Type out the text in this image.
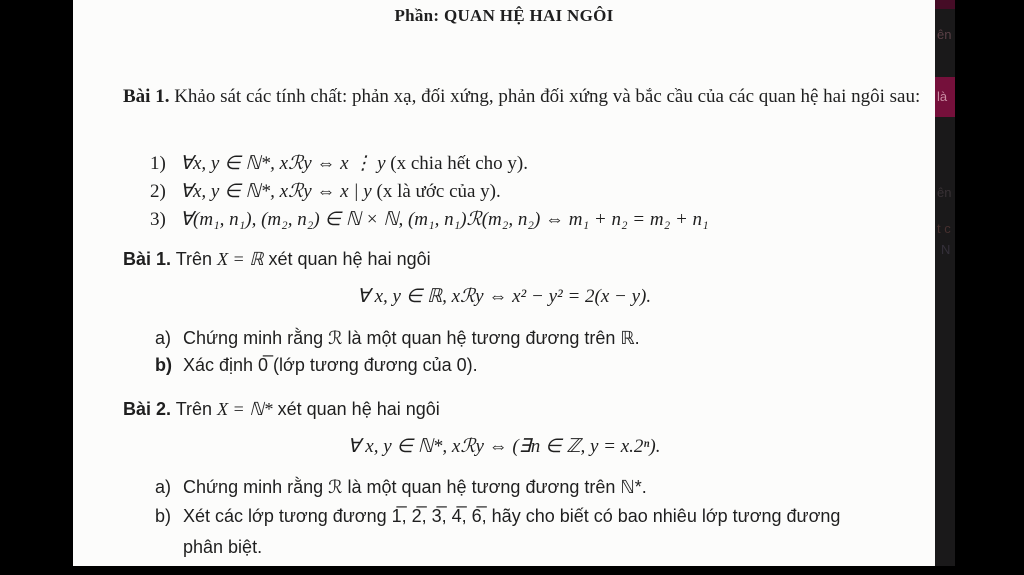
Phần: QUAN HỆ HAI NGÔI
Bài 1. Khảo sát các tính chất: phản xạ, đối xứng, phản đối xứng và bắc cầu của các quan hệ hai ngôi sau:
1) ∀x, y ∈ ℕ*, xℛy ⇔ x ⋮ y (x chia hết cho y).
2) ∀x, y ∈ ℕ*, xℛy ⇔ x | y (x là ước của y).
3) ∀(m₁, n₁), (m₂, n₂) ∈ ℕ × ℕ, (m₁, n₁)ℛ(m₂, n₂) ⇔ m₁ + n₂ = m₂ + n₁
Bài 1. Trên X = ℝ xét quan hệ hai ngôi
∀ x, y ∈ ℝ, xℛy ⇔ x² − y² = 2(x − y).
a) Chứng minh rằng ℛ là một quan hệ tương đương trên ℝ.
b) Xác định 0̅ (lớp tương đương của 0).
Bài 2. Trên X = ℕ* xét quan hệ hai ngôi
∀ x, y ∈ ℕ*, xℛy ⇔ (∃n ∈ ℤ, y = x.2ⁿ).
a) Chứng minh rằng ℛ là một quan hệ tương đương trên ℕ*.
b) Xét các lớp tương đương 1̅, 2̅, 3̅, 4̅, 6̅, hãy cho biết có bao nhiêu lớp tương đương phân biệt.
ên
là
ên
t c
N
